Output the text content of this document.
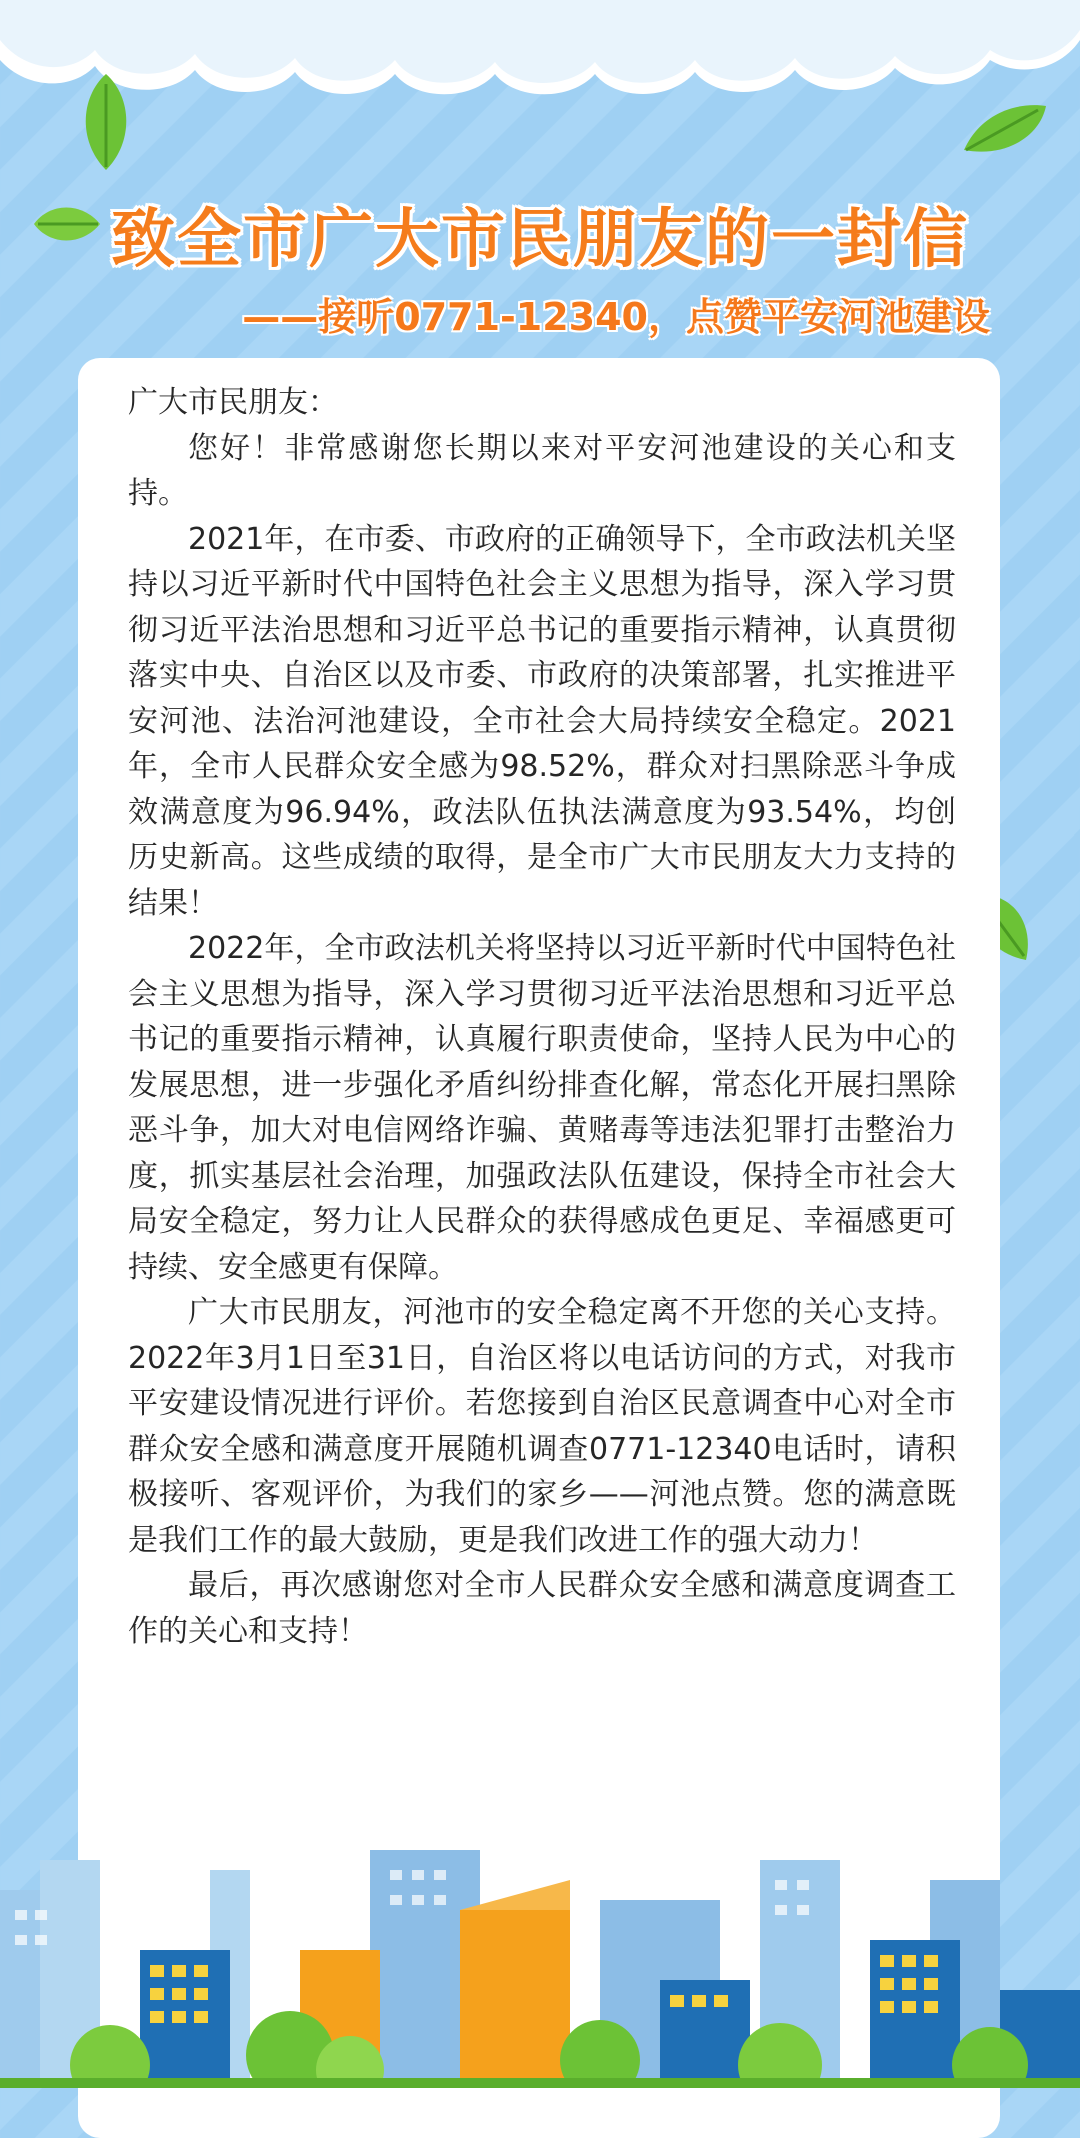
致全市广大市民朋友的一封信
——接听0771-12340，点赞平安河池建设

广大市民朋友：

您好！非常感谢您长期以来对平安河池建设的关心和支持。

2021年，在市委、市政府的正确领导下，全市政法机关坚持以习近平新时代中国特色社会主义思想为指导，深入学习贯彻习近平法治思想和习近平总书记的重要指示精神，认真贯彻落实中央、自治区以及市委、市政府的决策部署，扎实推进平安河池、法治河池建设，全市社会大局持续安全稳定。2021年，全市人民群众安全感为98.52%，群众对扫黑除恶斗争成效满意度为96.94%，政法队伍执法满意度为93.54%，均创历史新高。这些成绩的取得，是全市广大市民朋友大力支持的结果！

2022年，全市政法机关将坚持以习近平新时代中国特色社会主义思想为指导，深入学习贯彻习近平法治思想和习近平总书记的重要指示精神，认真履行职责使命，坚持人民为中心的发展思想，进一步强化矛盾纠纷排查化解，常态化开展扫黑除恶斗争，加大对电信网络诈骗、黄赌毒等违法犯罪打击整治力度，抓实基层社会治理，加强政法队伍建设，保持全市社会大局安全稳定，努力让人民群众的获得感成色更足、幸福感更可持续、安全感更有保障。

广大市民朋友，河池市的安全稳定离不开您的关心支持。2022年3月1日至31日，自治区将以电话访问的方式，对我市平安建设情况进行评价。若您接到自治区民意调查中心对全市群众安全感和满意度开展随机调查0771-12340电话时，请积极接听、客观评价，为我们的家乡——河池点赞。您的满意既是我们工作的最大鼓励，更是我们改进工作的强大动力！

最后，再次感谢您对全市人民群众安全感和满意度调查工作的关心和支持！
